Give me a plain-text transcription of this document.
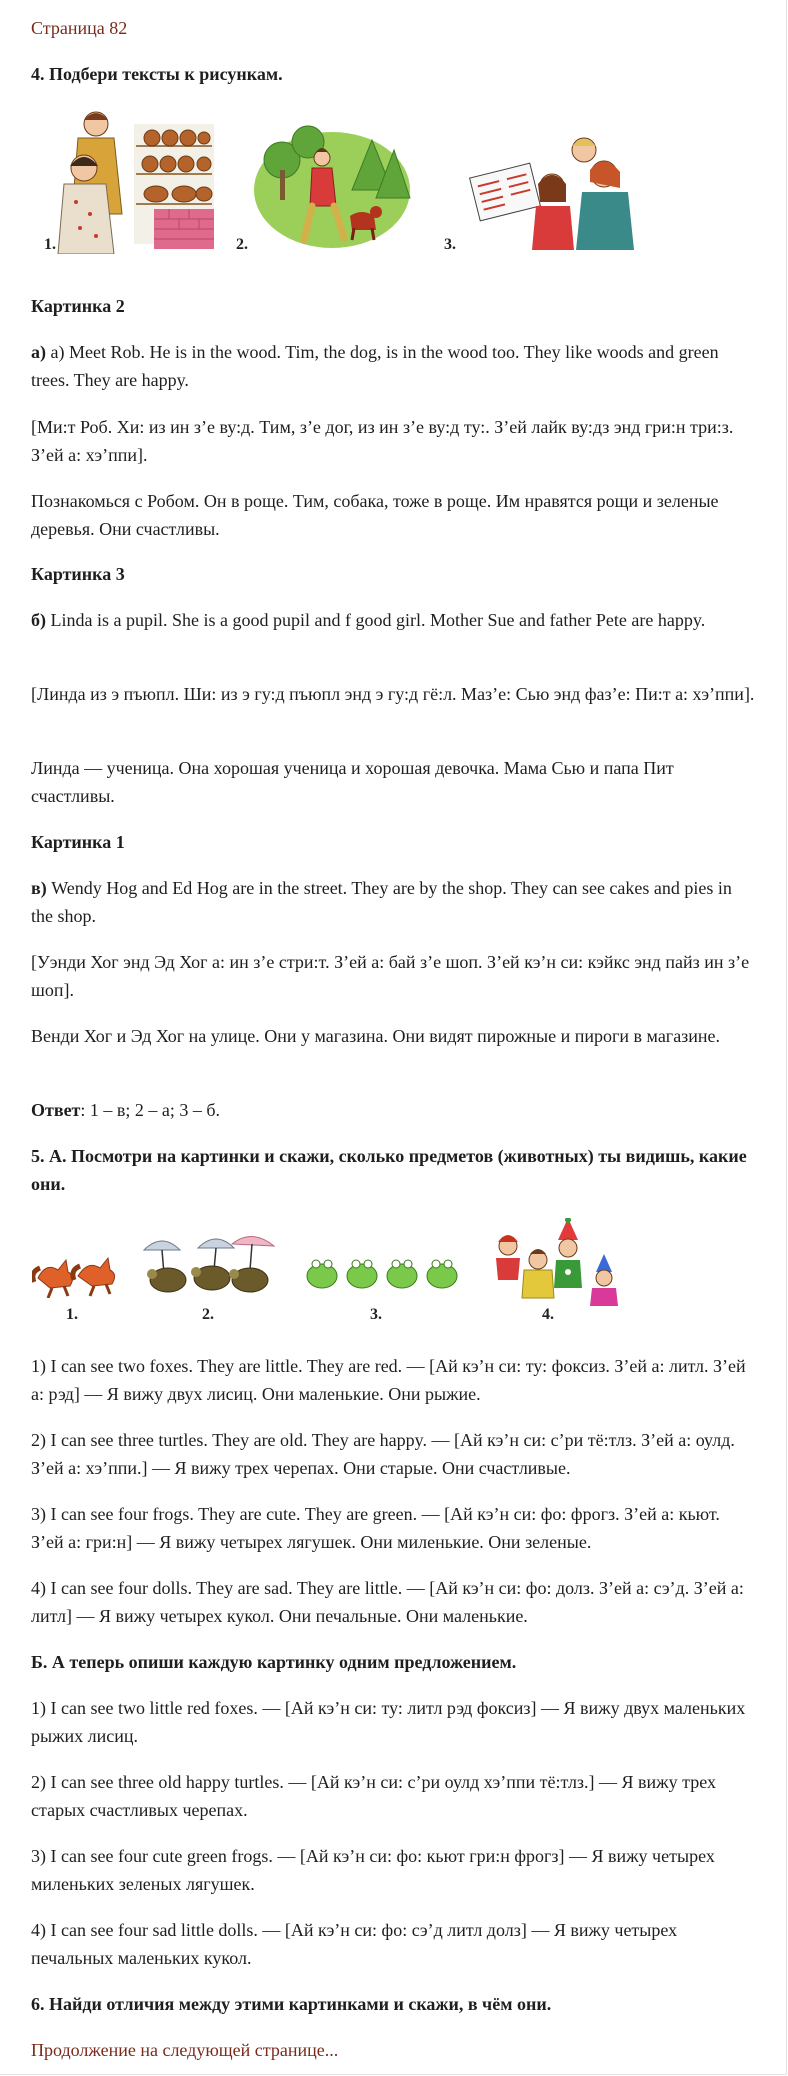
Страница 82
4. Подбери тексты к рисункам.
1.	2.	3.
Картинка 2

а) а) Meet Rob. He is in the wood. Tim, the dog, is in the wood too. They like woods and green trees. They are happy.

[Ми:т Роб. Хи: из ин з’е ву:д. Тим, з’е дог, из ин з’е ву:д ту:. З’ей лайк ву:дз энд гри:н три:з. З’ей а: хэ’ппи].

Познакомься с Робом. Он в роще. Тим, собака, тоже в роще. Им нравятся рощи и зеленые деревья. Они счастливы.

Картинка 3

б) Linda is a pupil. She is a good pupil and f good girl. Mother Sue and father Pete are happy.

[Линда из э пъюпл. Ши: из э гу:д пъюпл энд э гу:д гё:л. Маз’е: Сью энд фаз’е: Пи:т а: хэ’ппи].

Линда — ученица. Она хорошая ученица и хорошая девочка. Мама Сью и папа Пит счастливы.

Картинка 1

в) Wendy Hog and Ed Hog are in the street. They are by the shop. They can see cakes and pies in the shop.

[Уэнди Хог энд Эд Хог а: ин з’е стри:т. З’ей а: бай з’е шоп. З’ей кэ’н си: кэйкс энд пайз ин з’е шоп].

Венди Хог и Эд Хог на улице. Они у магазина. Они видят пирожные и пироги в магазине.

Ответ: 1 – в; 2 – а; 3 – б.

5. А. Посмотри на картинки и скажи, сколько предметов (животных) ты видишь, какие они.
1.	2.	3.	4.

1) I can see two foxes. They are little. They are red. — [Ай кэ’н си: ту: фоксиз. З’ей а: литл. З’ей а: рэд] — Я вижу двух лисиц. Они маленькие. Они рыжие.

2) I can see three turtles. They are old. They are happy. — [Ай кэ’н си: с’ри тё:тлз. З’ей а: оулд. З’ей а: хэ’ппи.] — Я вижу трех черепах. Они старые. Они счастливые.

3) I can see four frogs. They are cute. They are green. — [Ай кэ’н си: фо: фрогз. З’ей а: кьют. З’ей а: гри:н] — Я вижу четырех лягушек. Они миленькие. Они зеленые.

4) I can see four dolls. They are sad. They are little. — [Ай кэ’н си: фо: долз. З’ей а: сэ’д. З’ей а: литл] — Я вижу четырех кукол. Они печальные. Они маленькие.

Б. А теперь опиши каждую картинку одним предложением.

1) I can see two little red foxes. — [Ай кэ’н си: ту: литл рэд фоксиз] — Я вижу двух маленьких рыжих лисиц.

2) I can see three old happy turtles. — [Ай кэ’н си: с’ри оулд хэ’ппи тё:тлз.] — Я вижу трех старых счастливых черепах.

3) I can see four cute green frogs. — [Ай кэ’н си: фо: кьют гри:н фрогз] — Я вижу четырех миленьких зеленых лягушек.

4) I can see four sad little dolls. — [Ай кэ’н си: фо: сэ’д литл долз] — Я вижу четырех печальных маленьких кукол.

6. Найди отличия между этими картинками и скажи, в чём они.
Продолжение на следующей странице...
